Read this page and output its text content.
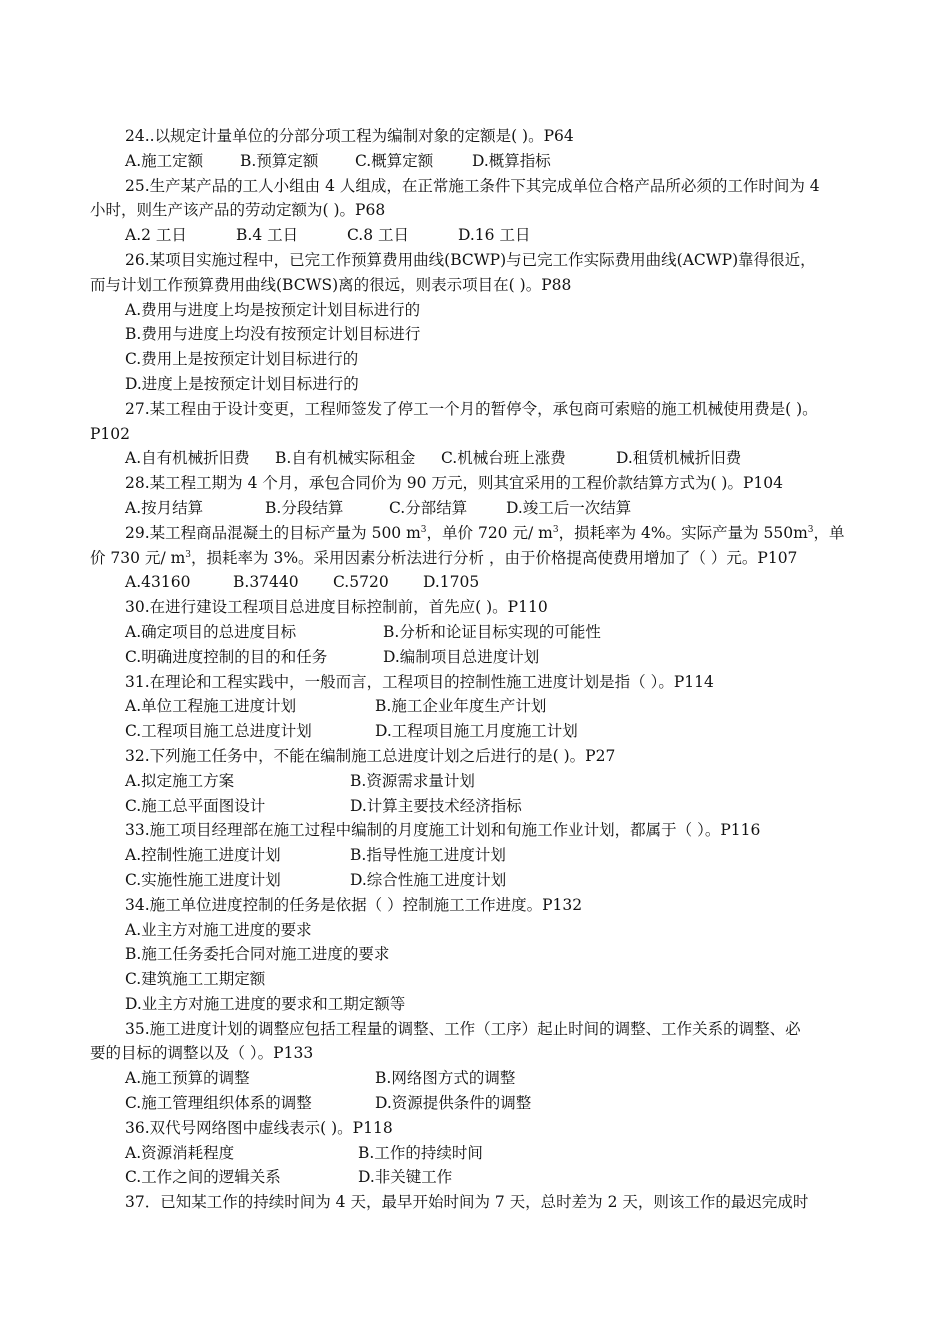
24..以规定计量单位的分部分项工程为编制对象的定额是( )。P64
A.施工定额	B.预算定额	C.概算定额	D.概算指标
25.生产某产品的工人小组由 4 人组成，在正常施工条件下其完成单位合格产品所必须的工作时间为 4
小时，则生产该产品的劳动定额为( )。P68
A.2 工日	B.4 工日	C.8 工日	D.16 工日
26.某项目实施过程中，已完工作预算费用曲线(BCWP)与已完工作实际费用曲线(ACWP)靠得很近，
而与计划工作预算费用曲线(BCWS)离的很远，则表示项目在( )。P88
A.费用与进度上均是按预定计划目标进行的
B.费用与进度上均没有按预定计划目标进行
C.费用上是按预定计划目标进行的
D.进度上是按预定计划目标进行的
27.某工程由于设计变更，工程师签发了停工一个月的暂停令，承包商可索赔的施工机械使用费是( )。
P102
A.自有机械折旧费	B.自有机械实际租金	C.机械台班上涨费	D.租赁机械折旧费
28.某工程工期为 4 个月，承包合同价为 90 万元，则其宜采用的工程价款结算方式为( )。P104
A.按月结算	B.分段结算	C.分部结算	D.竣工后一次结算
29.某工程商品混凝土的目标产量为 500 $m^3$，单价 720 元/ $m^3$，损耗率为 4%。实际产量为 $550m^3$，单
价 730 元/ $m^3$，损耗率为 3%。采用因素分析法进行分析 ，由于价格提高使费用增加了（ ）元。P107
A.43160	B.37440	C.5720	D.1705
30.在进行建设工程项目总进度目标控制前，首先应( )。P110
A.确定项目的总进度目标	B.分析和论证目标实现的可能性
C.明确进度控制的目的和任务	D.编制项目总进度计划
31.在理论和工程实践中，一般而言，工程项目的控制性施工进度计划是指（ ）。P114
A.单位工程施工进度计划	B.施工企业年度生产计划
C.工程项目施工总进度计划	D.工程项目施工月度施工计划
32.下列施工任务中，不能在编制施工总进度计划之后进行的是( )。P27
A.拟定施工方案	B.资源需求量计划
C.施工总平面图设计	D.计算主要技术经济指标
33.施工项目经理部在施工过程中编制的月度施工计划和旬施工作业计划，都属于（ ）。P116
A.控制性施工进度计划	B.指导性施工进度计划
C.实施性施工进度计划	D.综合性施工进度计划
34.施工单位进度控制的任务是依据（ ）控制施工工作进度。P132
A.业主方对施工进度的要求
B.施工任务委托合同对施工进度的要求
C.建筑施工工期定额
D.业主方对施工进度的要求和工期定额等
35.施工进度计划的调整应包括工程量的调整、工作（工序）起止时间的调整、工作关系的调整、必
要的目标的调整以及（ ）。P133
A.施工预算的调整	B.网络图方式的调整
C.施工管理组织体系的调整	D.资源提供条件的调整
36.双代号网络图中虚线表示( )。P118
A.资源消耗程度	B.工作的持续时间
C.工作之间的逻辑关系	D.非关键工作
37．已知某工作的持续时间为 4 天，最早开始时间为 7 天，总时差为 2 天，则该工作的最迟完成时
